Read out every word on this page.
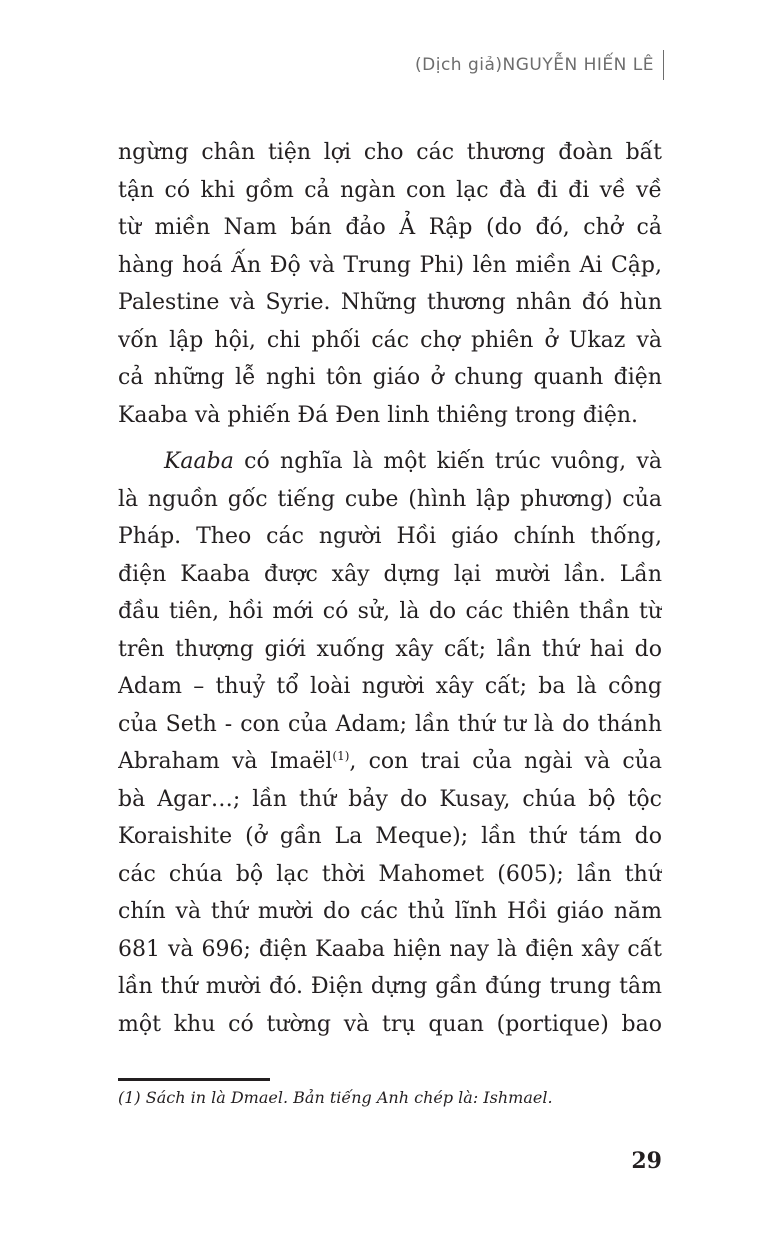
(Dịch giả)NGUYỄN HIẾN LÊ
ngừng chân tiện lợi cho các thương đoàn bất
tận có khi gồm cả ngàn con lạc đà đi đi về về
từ miền Nam bán đảo Ả Rập (do đó, chở cả
hàng hoá Ấn Độ và Trung Phi) lên miền Ai Cập,
Palestine và Syrie. Những thương nhân đó hùn
vốn lập hội, chi phối các chợ phiên ở Ukaz và
cả những lễ nghi tôn giáo ở chung quanh điện
Kaaba và phiến Đá Đen linh thiêng trong điện.
Kaaba có nghĩa là một kiến trúc vuông, và
là nguồn gốc tiếng cube (hình lập phương) của
Pháp. Theo các người Hồi giáo chính thống,
điện Kaaba được xây dựng lại mười lần. Lần
đầu tiên, hồi mới có sử, là do các thiên thần từ
trên thượng giới xuống xây cất; lần thứ hai do
Adam – thuỷ tổ loài người xây cất; ba là công
của Seth - con của Adam; lần thứ tư là do thánh
Abraham và Imaël$^{(1)}$, con trai của ngài và của
bà Agar…; lần thứ bảy do Kusay, chúa bộ tộc
Koraishite (ở gần La Meque); lần thứ tám do
các chúa bộ lạc thời Mahomet (605); lần thứ
chín và thứ mười do các thủ lĩnh Hồi giáo năm
681 và 696; điện Kaaba hiện nay là điện xây cất
lần thứ mười đó. Điện dựng gần đúng trung tâm
một khu có tường và trụ quan (portique) bao
(1) Sách in là Dmael. Bản tiếng Anh chép là: Ishmael.
29
